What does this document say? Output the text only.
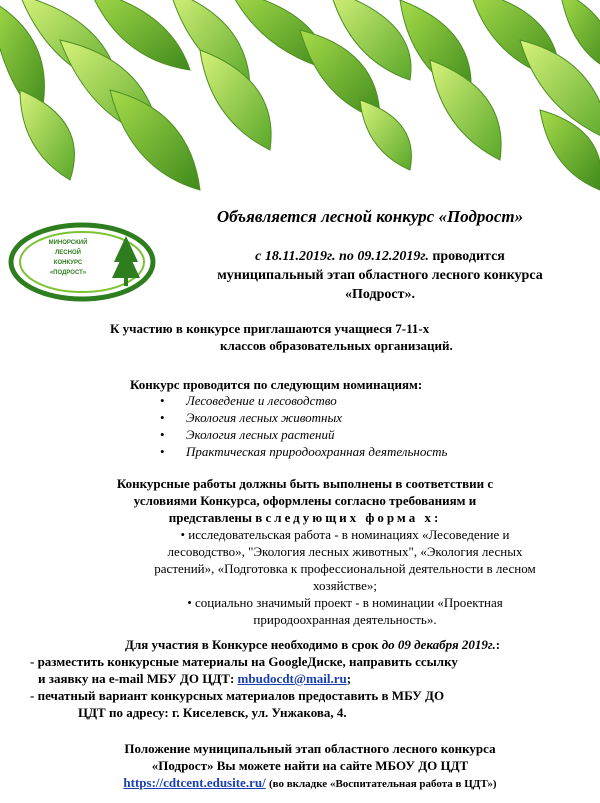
МИНОРСКИЙ
ЛЕСНОЙ
КОНКУРС
«ПОДРОСТ»
Объявляется лесной конкурс «Подрост»
с 18.11.2019г. по 09.12.2019г. проводится
муниципальный этап областного лесного конкурса
«Подрост».
К участию в конкурсе приглашаются учащиеся 7-11-х
классов образовательных организаций.
Конкурс проводится по следующим номинациям:
• Лесоведение и лесоводство
• Экология лесных животных
• Экология лесных растений
• Практическая природоохранная деятельность
Конкурсные работы должны быть выполнены в соответствии с
условиями Конкурса, оформлены согласно требованиям и
представлены в следующих форма х:
• исследовательская работа - в номинациях «Лесоведение и
лесоводство», "Экология лесных животных", «Экология лесных
растений», «Подготовка к профессиональной деятельности в лесном
хозяйстве»;
• социально значимый проект - в номинации «Проектная
природоохранная деятельность».
Для участия в Конкурсе необходимо в срок до 09 декабря 2019г.:
- разместить конкурсные материалы на GoogleДиске, направить ссылку
и заявку на e-mail МБУ ДО ЦДТ: mbudocdt@mail.ru;
- печатный вариант конкурсных материалов предоставить в МБУ ДО
ЦДТ по адресу: г. Киселевск, ул. Унжакова, 4.
Положение муниципальный этап областного лесного конкурса
«Подрост» Вы можете найти на сайте МБОУ ДО ЦДТ
https://cdtcent.edusite.ru/ (во вкладке «Воспитательная работа в ЦДТ»)
